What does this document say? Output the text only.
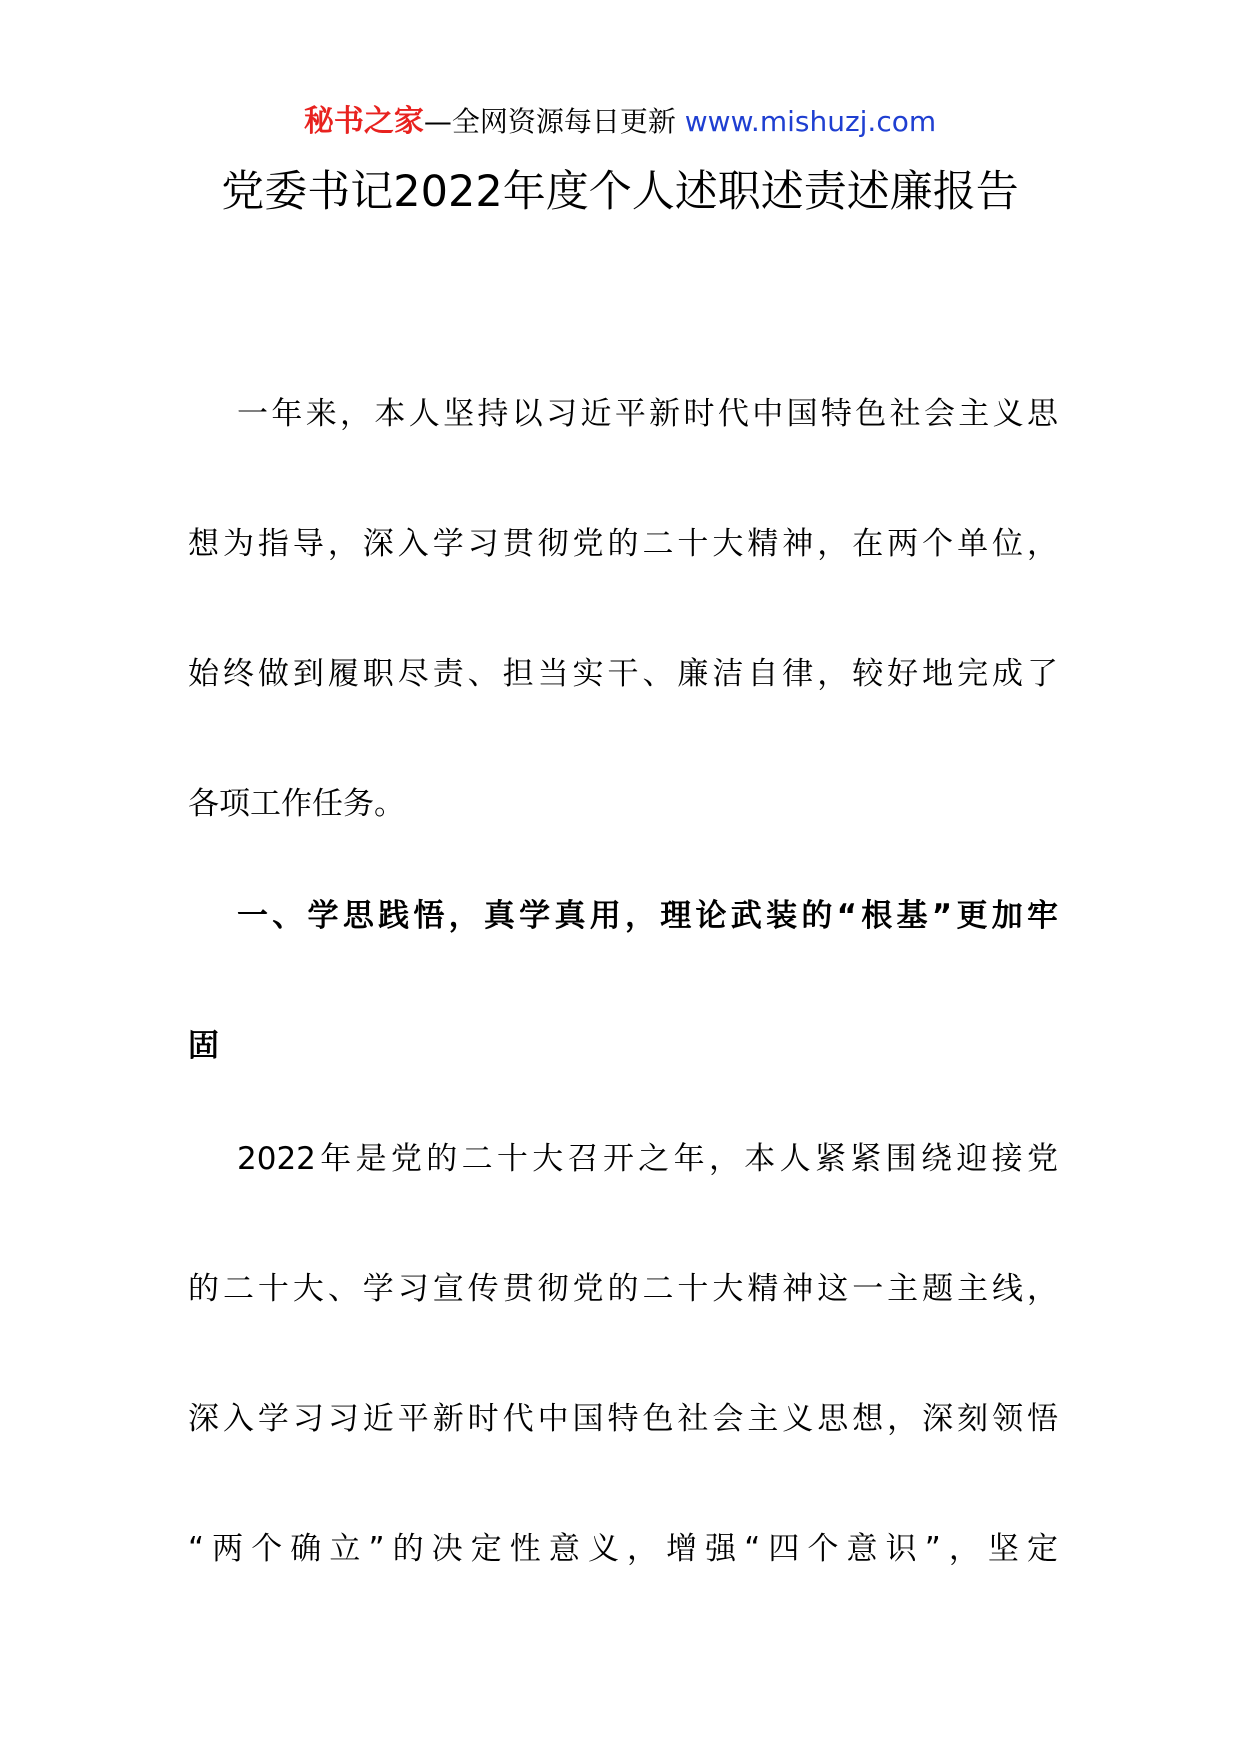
秘书之家—全网资源每日更新 www.mishuzj.com
党委书记2022年度个人述职述责述廉报告
一年来，本人坚持以习近平新时代中国特色社会主义思
想为指导，深入学习贯彻党的二十大精神，在两个单位，
始终做到履职尽责、担当实干、廉洁自律，较好地完成了
各项工作任务。
一、学思践悟，真学真用，理论武装的“根基”更加牢
固
2022年是党的二十大召开之年，本人紧紧围绕迎接党
的二十大、学习宣传贯彻党的二十大精神这一主题主线，
深入学习习近平新时代中国特色社会主义思想，深刻领悟
“两个确立”的决定性意义，增强“四个意识”，坚定
